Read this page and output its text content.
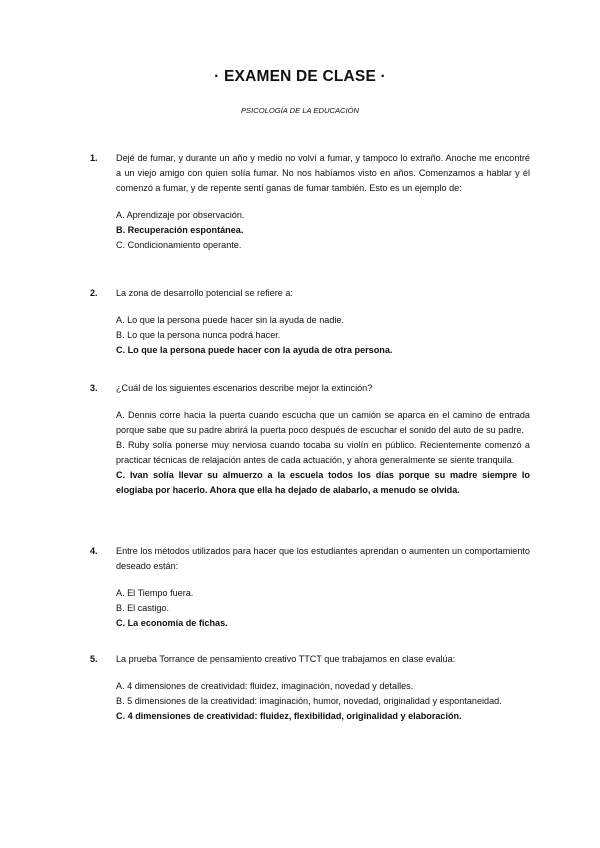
· EXAMEN DE CLASE ·
PSICOLOGÍA DE LA EDUCACIÓN
1. Dejé de fumar, y durante un año y medio no volví a fumar, y tampoco lo extraño. Anoche me encontré a un viejo amigo con quien solía fumar. No nos habíamos visto en años. Comenzamos a hablar y él comenzó a fumar, y de repente sentí ganas de fumar también. Esto es un ejemplo de:
A. Aprendizaje por observación.
B. Recuperación espontánea.
C. Condicionamiento operante.
2. La zona de desarrollo potencial se refiere a:
A. Lo que la persona puede hacer sin la ayuda de nadie.
B. Lo que la persona nunca podrá hacer.
C. Lo que la persona puede hacer con la ayuda de otra persona.
3. ¿Cuál de los siguientes escenarios describe mejor la extinción?
A. Dennis corre hacia la puerta cuando escucha que un camión se aparca en el camino de entrada porque sabe que su padre abrirá la puerta poco después de escuchar el sonido del auto de su padre.
B. Ruby solía ponerse muy nerviosa cuando tocaba su violín en público. Recientemente comenzó a practicar técnicas de relajación antes de cada actuación, y ahora generalmente se siente tranquila.
C. Ivan solía llevar su almuerzo a la escuela todos los días porque su madre siempre lo elogiaba por hacerlo. Ahora que ella ha dejado de alabarlo, a menudo se olvida.
4. Entre los métodos utilizados para hacer que los estudiantes aprendan o aumenten un comportamiento deseado están:
A. El Tiempo fuera.
B. El castigo.
C. La economía de fichas.
5. La prueba Torrance de pensamiento creativo TTCT que trabajamos en clase evalúa:
A. 4 dimensiones de creatividad: fluidez, imaginación, novedad y detalles.
B. 5 dimensiones de la creatividad: imaginación, humor, novedad, originalidad y espontaneidad.
C. 4 dimensiones de creatividad: fluidez, flexibilidad, originalidad y elaboración.
